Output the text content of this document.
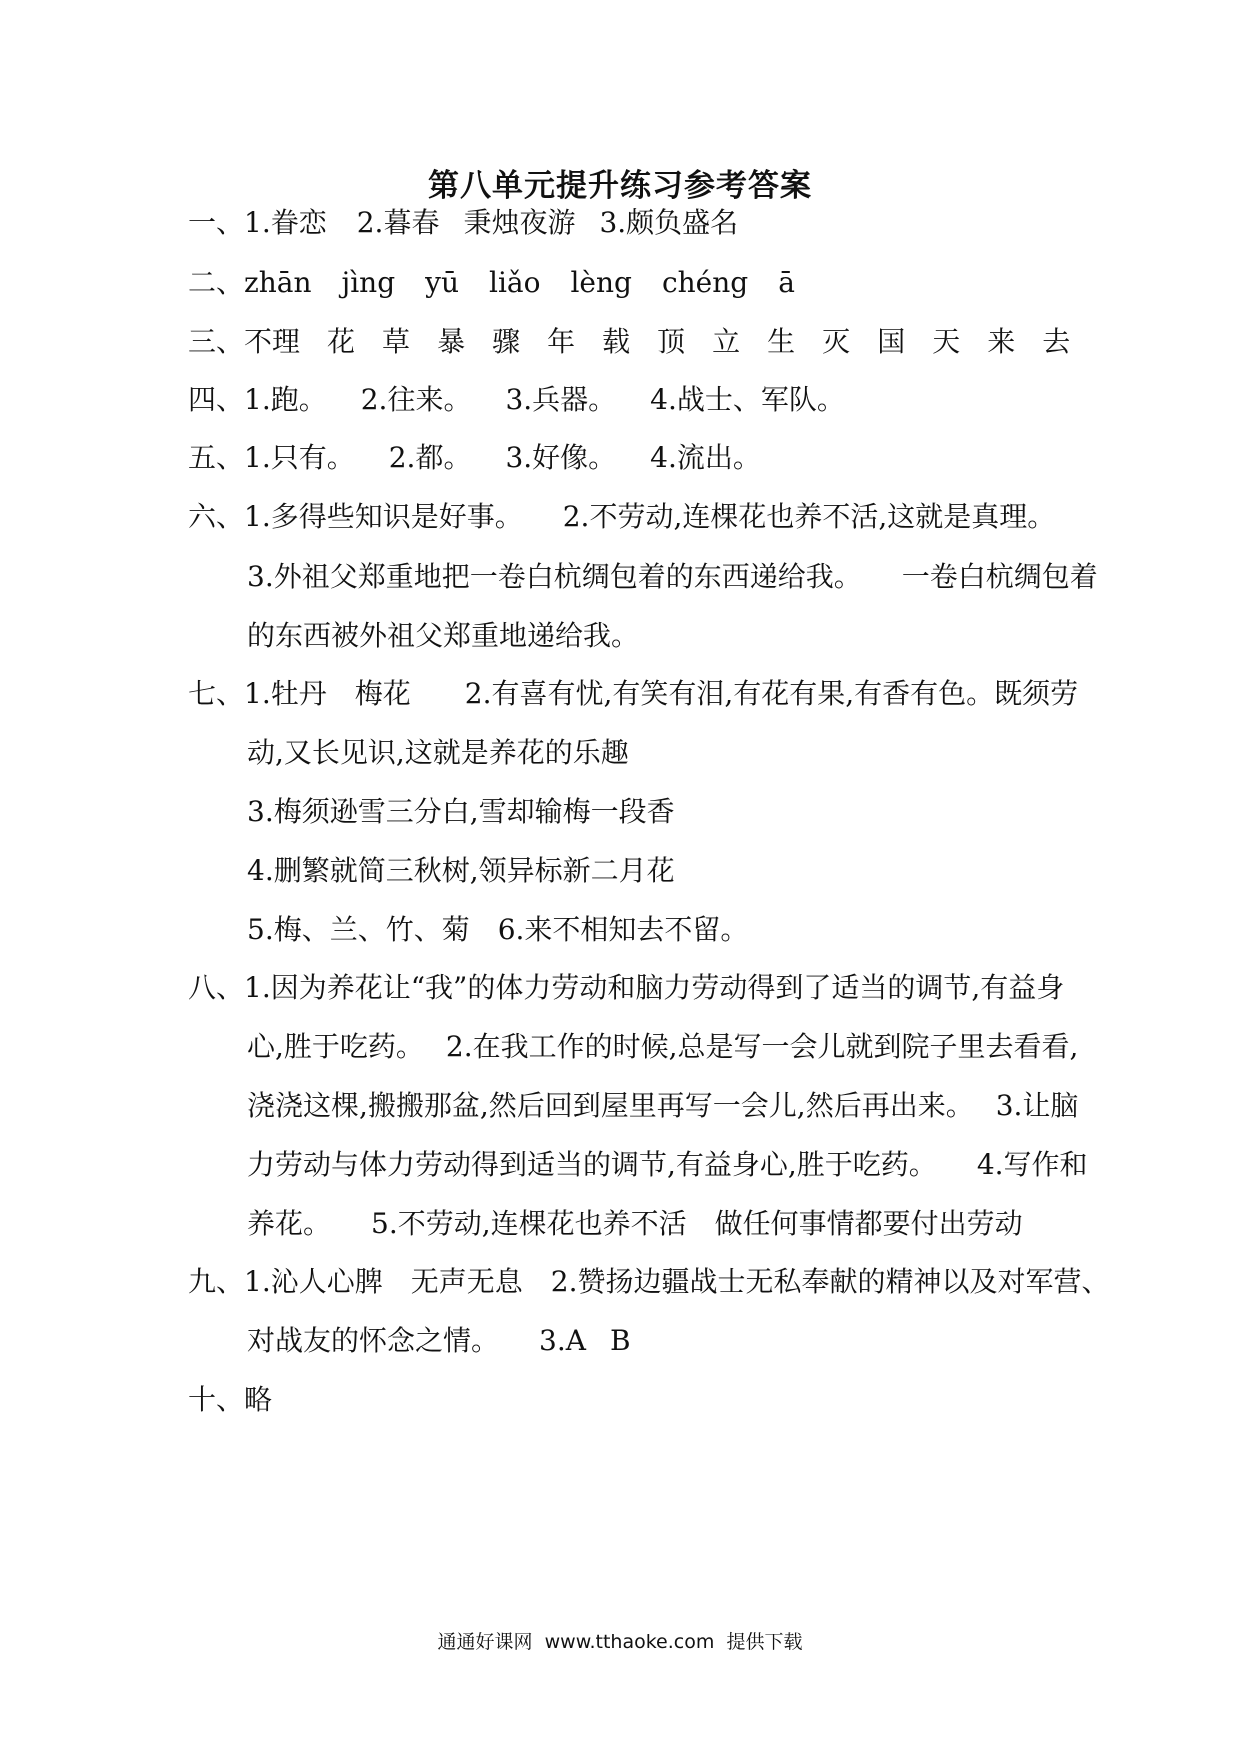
第八单元提升练习参考答案
一、1.眷恋 2.暮春 秉烛夜游 3.颇负盛名
二、zhān jìng yū liǎo lèng chéng ā
三、不理 花 草 暴 骤 年 载 顶 立 生 灭 国 天 来 去
四、1.跑。 2.往来。 3.兵器。 4.战士、军队。
五、1.只有。 2.都。 3.好像。 4.流出。
六、1.多得些知识是好事。 2.不劳动,连棵花也养不活,这就是真理。
3.外祖父郑重地把一卷白杭绸包着的东西递给我。 一卷白杭绸包着
的东西被外祖父郑重地递给我。
七、1.牡丹 梅花 2.有喜有忧,有笑有泪,有花有果,有香有色。既须劳
动,又长见识,这就是养花的乐趣
3.梅须逊雪三分白,雪却输梅一段香
4.删繁就简三秋树,领异标新二月花
5.梅、兰、竹、菊 6.来不相知去不留。
八、1.因为养花让“我”的体力劳动和脑力劳动得到了适当的调节,有益身
心,胜于吃药。 2.在我工作的时候,总是写一会儿就到院子里去看看,
浇浇这棵,搬搬那盆,然后回到屋里再写一会儿,然后再出来。 3.让脑
力劳动与体力劳动得到适当的调节,有益身心,胜于吃药。 4.写作和
养花。 5.不劳动,连棵花也养不活 做任何事情都要付出劳动
九、1.沁人心脾 无声无息 2.赞扬边疆战士无私奉献的精神以及对军营、
对战友的怀念之情。 3.A B
十、略
通通好课网  www.tthaoke.com  提供下载
